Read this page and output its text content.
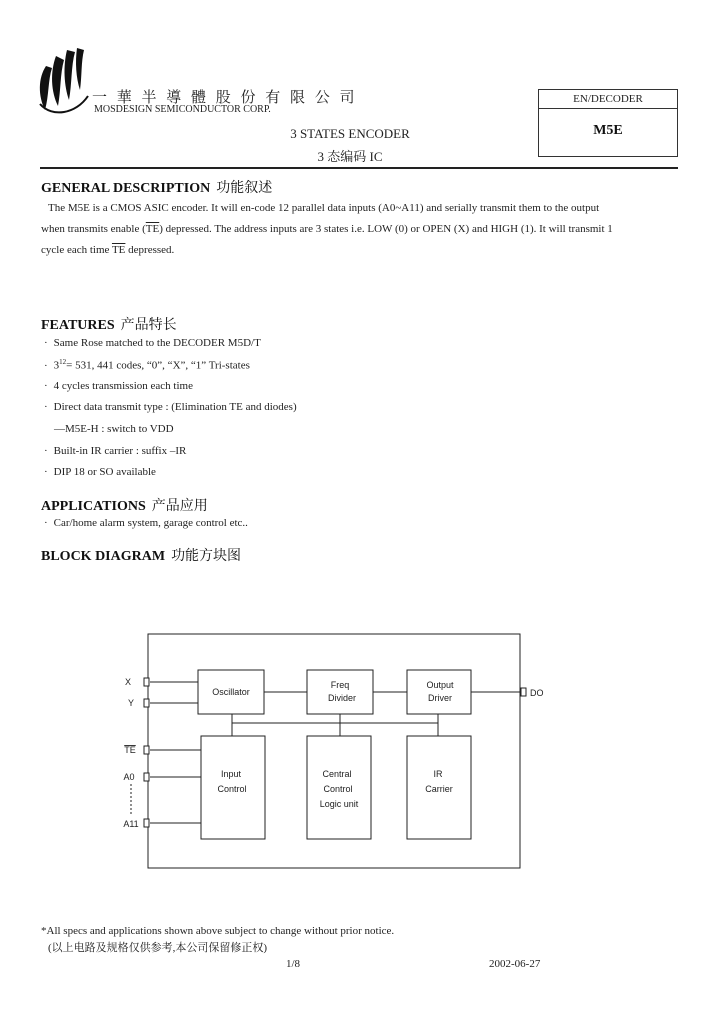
一 華 半 導 體 股 份 有 限 公 司
MOSDESIGN SEMICONDUCTOR CORP.
3 STATES ENCODER
3 态编码 IC
EN/DECODER
M5E
GENERAL DESCRIPTION 功能叙述
The M5E is a CMOS ASIC encoder. It will en-code 12 parallel data inputs (A0~A11) and serially transmit them to the output
when transmits enable $(\overline{TE})$ depressed. The address inputs are 3 states i.e. LOW (0) or OPEN (X) and HIGH (1). It will transmit 1
cycle each time $\overline{TE}$ depressed.
FEATURES 产品特长
· Same Rose matched to the DECODER M5D/T
· $3^{12}= 531$, 441 codes, “0”, “X”, “1” Tri-states
· 4 cycles transmission each time
· Direct data transmit type : (Elimination TE and diodes)
—M5E-H : switch to VDD
· Built-in IR carrier : suffix –IR
· DIP 18 or SO available
APPLICATIONS 产品应用
· Car/home alarm system, garage control etc..
BLOCK DIAGRAM 功能方块图
X
Y
TE
A0
A11
DO
Oscillator
Freq
Divider
Output
Driver
Input
Control
Central
Control
Logic unit
IR
Carrier
*All specs and applications shown above subject to change without prior notice.
(以上电路及规格仅供参考,本公司保留修正权)
1/8	2002-06-27
